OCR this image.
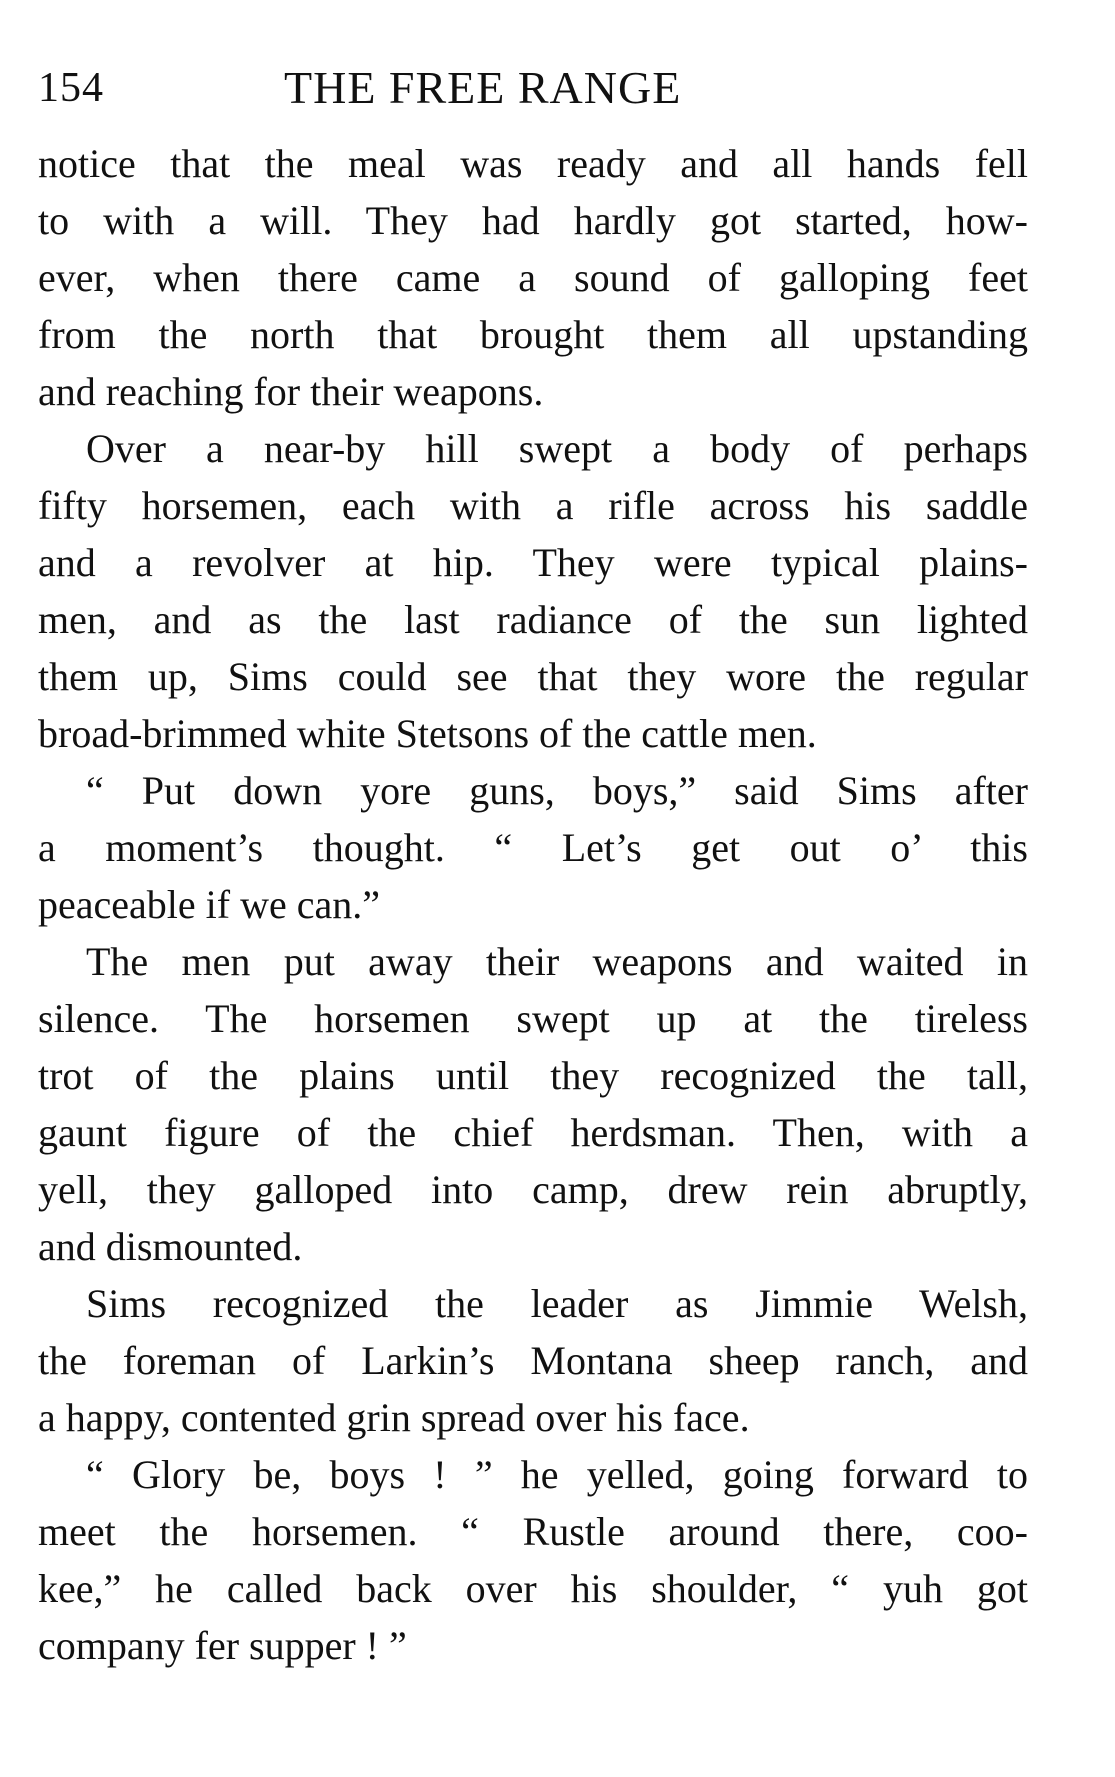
154	THE FREE RANGE
notice that the meal was ready and all hands fell
to with a will. They had hardly got started, how-
ever, when there came a sound of galloping feet
from the north that brought them all upstanding
and reaching for their weapons.
Over a near-by hill swept a body of perhaps
fifty horsemen, each with a rifle across his saddle
and a revolver at hip. They were typical plains-
men, and as the last radiance of the sun lighted
them up, Sims could see that they wore the regular
broad-brimmed white Stetsons of the cattle men.
“ Put down yore guns, boys,” said Sims after
a moment’s thought. “ Let’s get out o’ this
peaceable if we can.”
The men put away their weapons and waited in
silence. The horsemen swept up at the tireless
trot of the plains until they recognized the tall,
gaunt figure of the chief herdsman. Then, with a
yell, they galloped into camp, drew rein abruptly,
and dismounted.
Sims recognized the leader as Jimmie Welsh,
the foreman of Larkin’s Montana sheep ranch, and
a happy, contented grin spread over his face.
“ Glory be, boys ! ” he yelled, going forward to
meet the horsemen. “ Rustle around there, coo-
kee,” he called back over his shoulder, “ yuh got
company fer supper ! ”
